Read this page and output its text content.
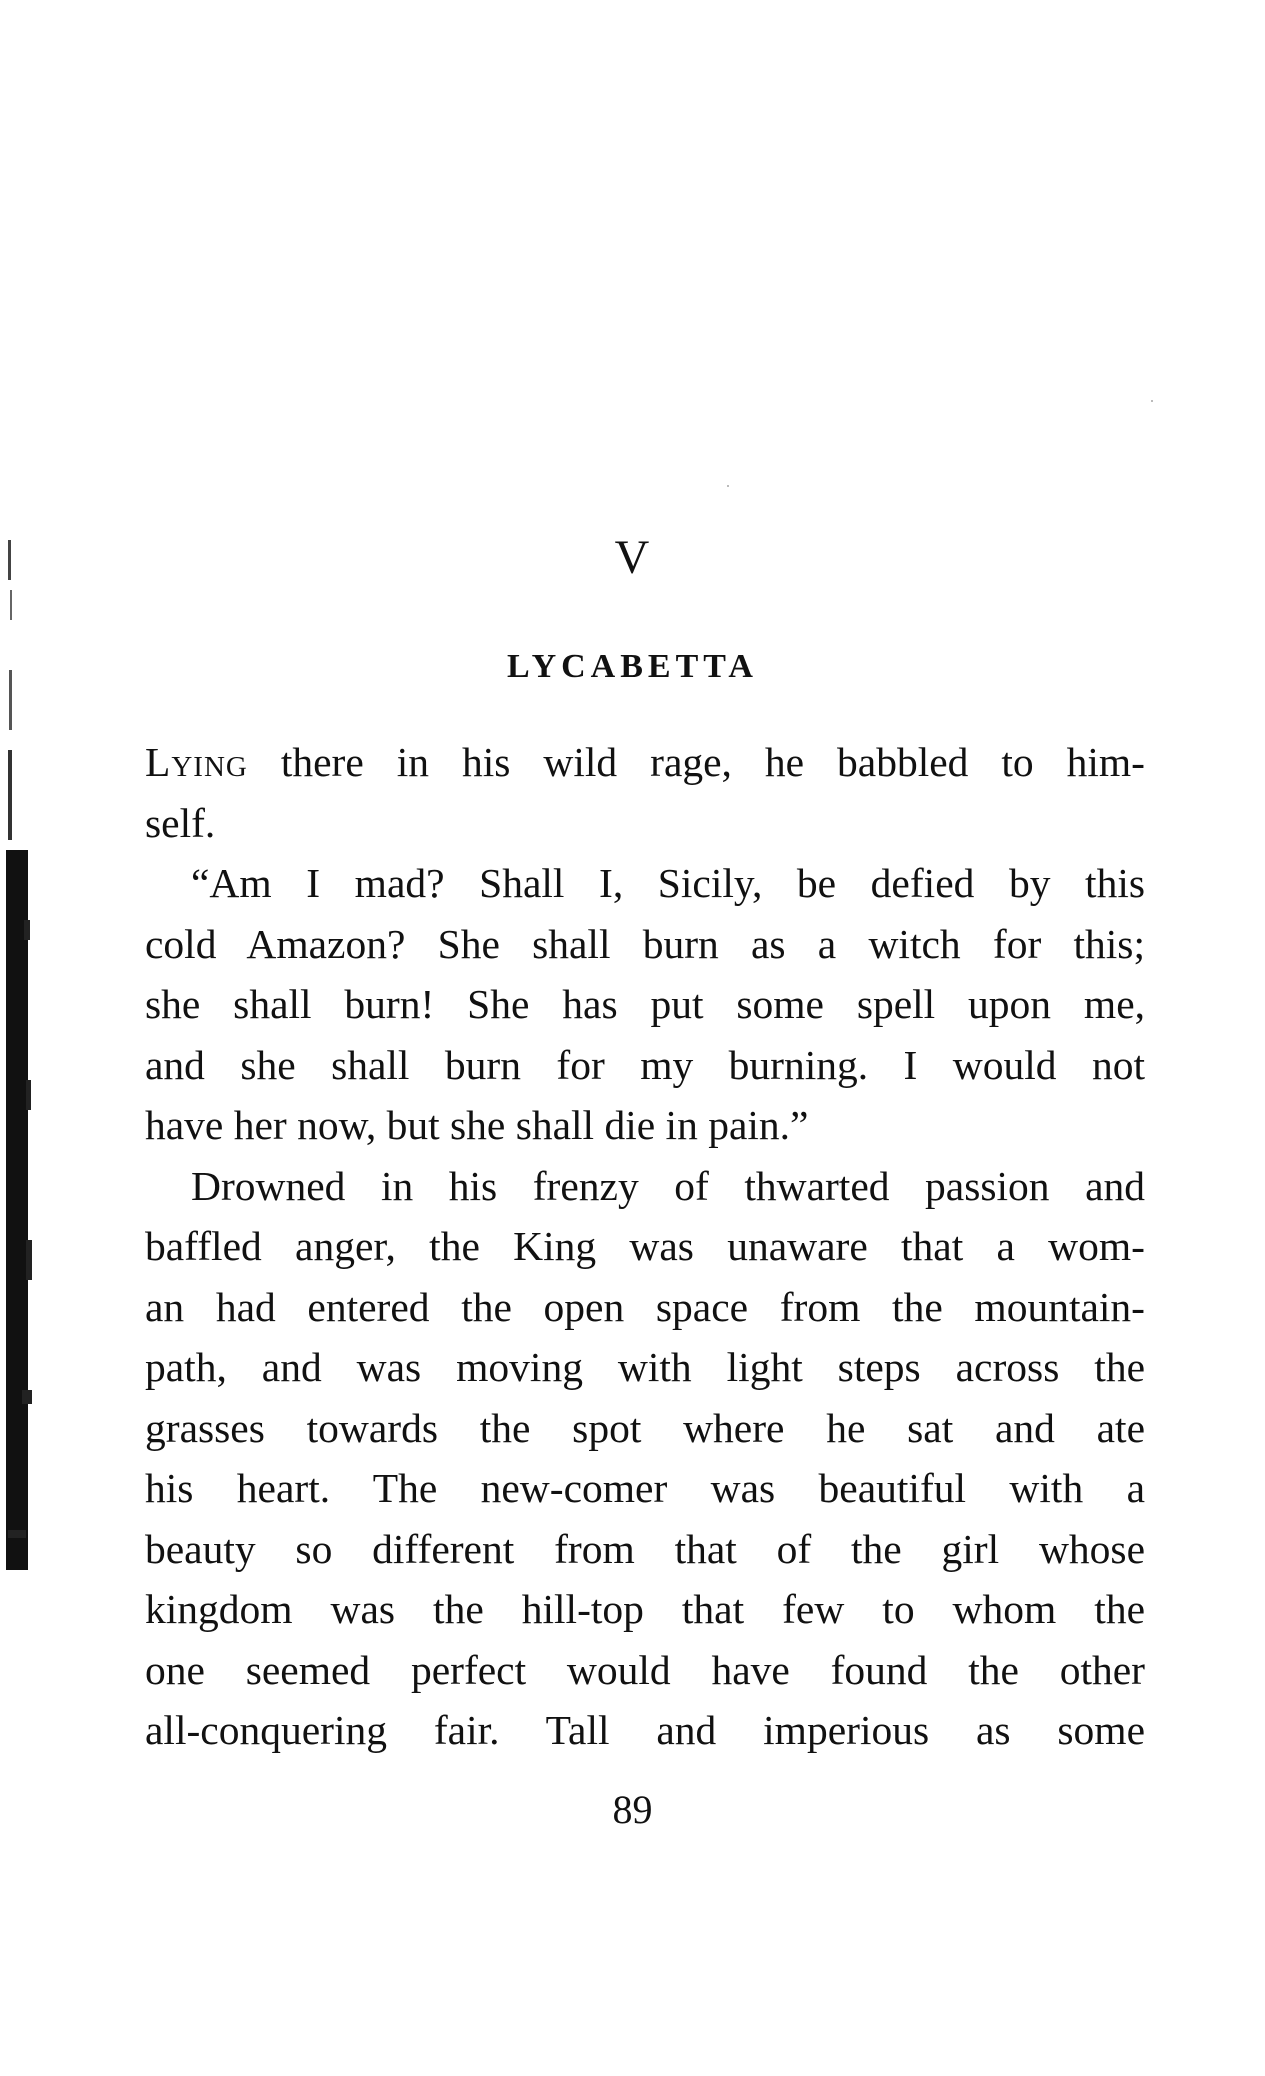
V
LYCABETTA
Lying there in his wild rage, he babbled to him-
self.
“Am I mad? Shall I, Sicily, be defied by this
cold Amazon? She shall burn as a witch for this;
she shall burn! She has put some spell upon me,
and she shall burn for my burning. I would not
have her now, but she shall die in pain.”
Drowned in his frenzy of thwarted passion and
baffled anger, the King was unaware that a wom-
an had entered the open space from the mountain-
path, and was moving with light steps across the
grasses towards the spot where he sat and ate
his heart. The new-comer was beautiful with a
beauty so different from that of the girl whose
kingdom was the hill-top that few to whom the
one seemed perfect would have found the other
all-conquering fair. Tall and imperious as some
89
